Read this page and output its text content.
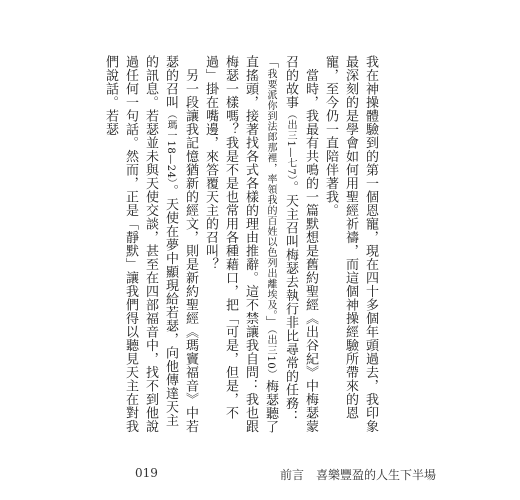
我在神操體驗到的第一個恩寵，現在四十多個年頭過去，我印象最深刻的是學會如何用聖經祈禱，而這個神操經驗所帶來的恩寵，至今仍一直陪伴著我。

　當時，我最有共鳴的一篇默想是舊約聖經《出谷紀》中梅瑟蒙召的故事（出三1—七7）。天主召叫梅瑟去執行非比尋常的任務：「我要派你到法郎那裡，率領我的百姓以色列出離埃及。」（出三10）梅瑟聽了直搖頭，接著找各式各樣的理由推辭。這不禁讓我自問：我也跟梅瑟一樣嗎？我是不是也常用各種藉口，把「可是，但是，不過」掛在嘴邊，來答覆天主的召叫？

　另一段讓我記憶猶新的經文，則是新約聖經《瑪竇福音》中若瑟的召叫（瑪一18—24）。天使在夢中顯現給若瑟，向他傳達天主的訊息。若瑟並未與天使交談，甚至在四部福音中，找不到他說過任何一句話。然而，正是「靜默」讓我們得以聽見天主在對我們說話。若瑟

019	前言　喜樂豐盈的人生下半場
